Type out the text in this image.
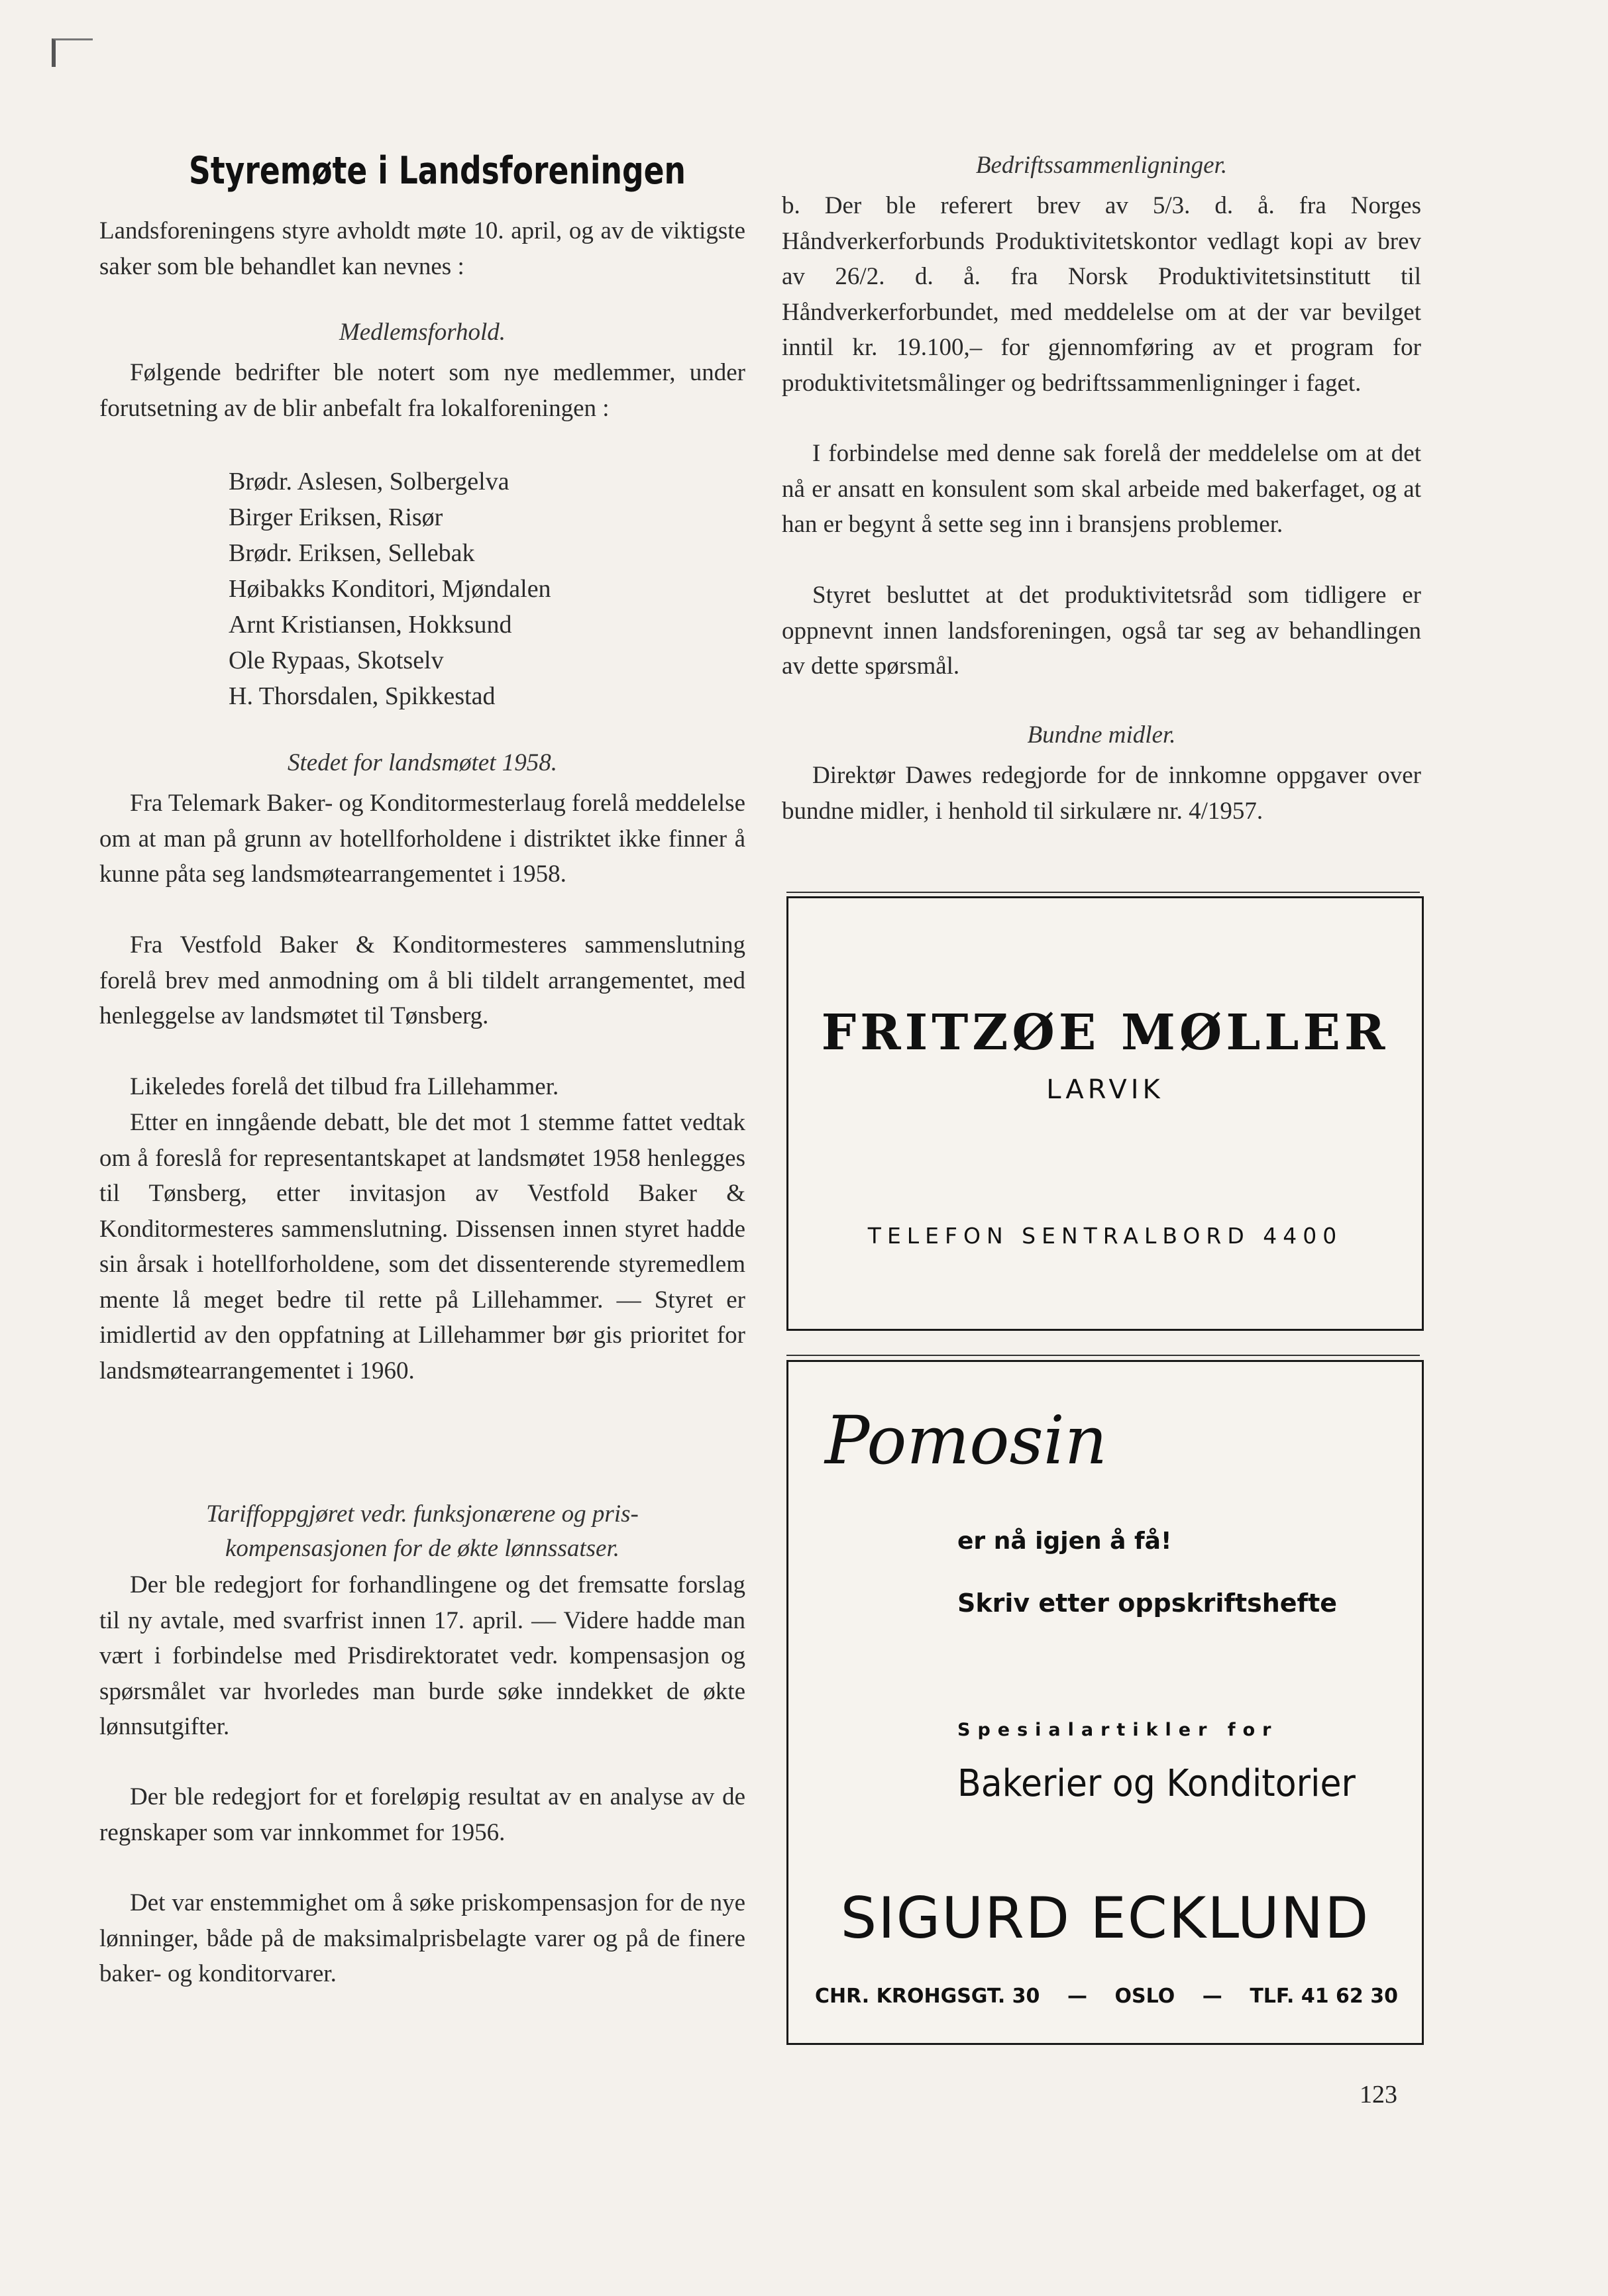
Styremøte i Landsforeningen
Landsforeningens styre avholdt møte 10. april, og av de viktigste saker som ble behandlet kan nevnes :
Medlemsforhold.
Følgende bedrifter ble notert som nye medlemmer, under forutsetning av de blir anbefalt fra lokalforeningen :
Brødr. Aslesen, Solbergelva
Birger Eriksen, Risør
Brødr. Eriksen, Sellebak
Høibakks Konditori, Mjøndalen
Arnt Kristiansen, Hokksund
Ole Rypaas, Skotselv
H. Thorsdalen, Spikkestad
Stedet for landsmøtet 1958.
Fra Telemark Baker- og Konditormesterlaug forelå meddelelse om at man på grunn av hotellforholdene i distriktet ikke finner å kunne påta seg landsmøtearrangementet i 1958.
Fra Vestfold Baker & Konditormesteres sammenslutning forelå brev med anmodning om å bli tildelt arrangementet, med henleggelse av landsmøtet til Tønsberg.
Likeledes forelå det tilbud fra Lillehammer.
Etter en inngående debatt, ble det mot 1 stemme fattet vedtak om å foreslå for representantskapet at landsmøtet 1958 henlegges til Tønsberg, etter invitasjon av Vestfold Baker & Konditormesteres sammenslutning. Dissensen innen styret hadde sin årsak i hotellforholdene, som det dissenterende styremedlem mente lå meget bedre til rette på Lillehammer. — Styret er imidlertid av den oppfatning at Lillehammer bør gis prioritet for landsmøtearrangementet i 1960.
Tariffoppgjøret vedr. funksjonærene og pris-
kompensasjonen for de økte lønnssatser.
Der ble redegjort for forhandlingene og det fremsatte forslag til ny avtale, med svarfrist innen 17. april. — Videre hadde man vært i forbindelse med Prisdirektoratet vedr. kompensasjon og spørsmålet var hvorledes man burde søke inndekket de økte lønnsutgifter.
Der ble redegjort for et foreløpig resultat av en analyse av de regnskaper som var innkommet for 1956.
Det var enstemmighet om å søke priskompensasjon for de nye lønninger, både på de maksimalprisbelagte varer og på de finere baker- og konditorvarer.
Bedriftssammenligninger.
b. Der ble referert brev av 5/3. d. å. fra Norges Håndverkerforbunds Produktivitetskontor vedlagt kopi av brev av 26/2. d. å. fra Norsk Produktivitetsinstitutt til Håndverkerforbundet, med meddelelse om at der var bevilget inntil kr. 19.100,– for gjennomføring av et program for produktivitetsmålinger og bedriftssammenligninger i faget.
I forbindelse med denne sak forelå der meddelelse om at det nå er ansatt en konsulent som skal arbeide med bakerfaget, og at han er begynt å sette seg inn i bransjens problemer.
Styret besluttet at det produktivitetsråd som tidligere er oppnevnt innen landsforeningen, også tar seg av behandlingen av dette spørsmål.
Bundne midler.
Direktør Dawes redegjorde for de innkomne oppgaver over bundne midler, i henhold til sirkulære nr. 4/1957.
FRITZØE MØLLER
LARVIK
TELEFON SENTRALBORD 4400
Pomosin
er nå igjen å få!
Skriv etter oppskriftshefte
Spesialartikler for
Bakerier og Konditorier
SIGURD ECKLUND
CHR. KROHGSGT. 30 — OSLO — TLF. 41 62 30
123
